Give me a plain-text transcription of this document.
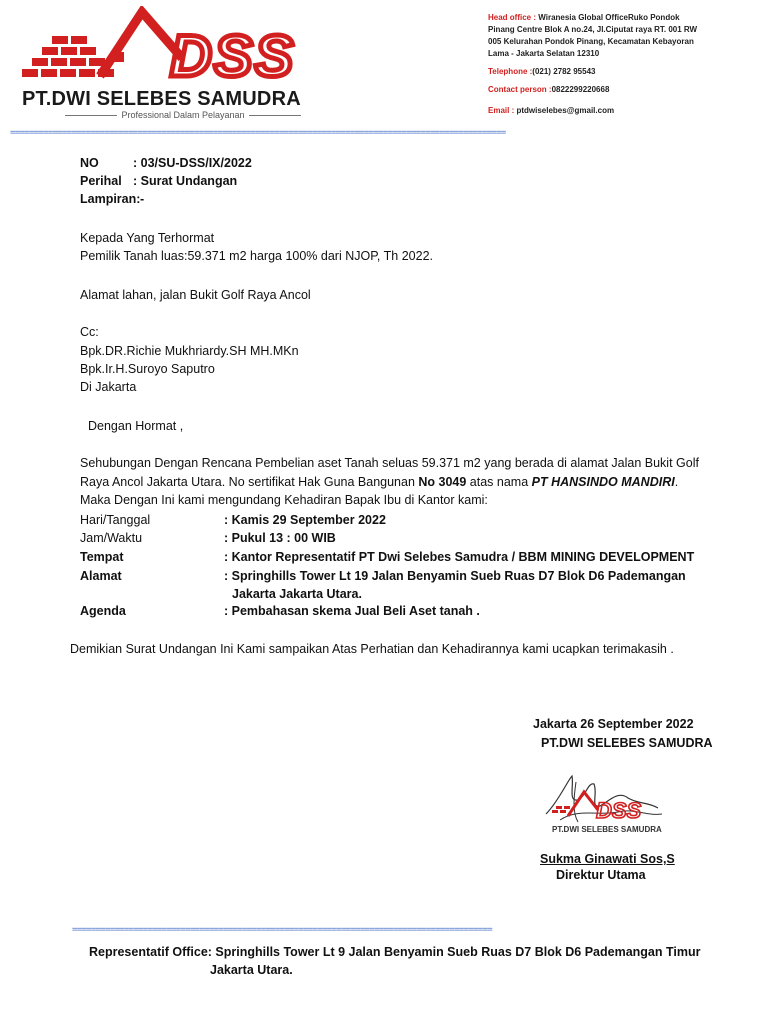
DSS
PT.DWI SELEBES SAMUDRA
Professional Dalam Pelayanan
Head office : Wiranesia Global OfficeRuko Pondok
Pinang Centre Blok A no.24, Jl.Ciputat raya RT. 001 RW
005 Kelurahan Pondok Pinang, Kecamatan Kebayoran
Lama - Jakarta Selatan 12310
Telephone :(021) 2782 95543
Contact person :0822299220668
Email : ptdwiselebes@gmail.com
=========================================================================================================
NO	: 03/SU-DSS/IX/2022
Perihal : Surat Undangan
Lampiran: -
Kepada Yang Terhormat
Pemilik Tanah luas:59.371 m2 harga 100% dari NJOP, Th 2022.
Alamat lahan, jalan Bukit Golf Raya Ancol
Cc:
Bpk.DR.Richie Mukhriardy.SH MH.MKn
Bpk.Ir.H.Suroyo Saputro
Di Jakarta
Dengan Hormat ,
Sehubungan Dengan Rencana Pembelian aset Tanah seluas 59.371 m2 yang berada di alamat Jalan Bukit Golf
Raya Ancol Jakarta Utara. No sertifikat Hak Guna Bangunan No 3049 atas nama PT HANSINDO MANDIRI.
Maka Dengan Ini kami mengundang Kehadiran Bapak Ibu di Kantor kami:
Hari/Tanggal	: Kamis 29 September 2022
Jam/Waktu	: Pukul 13 : 00 WIB
Tempat	: Kantor Representatif PT Dwi Selebes Samudra / BBM MINING DEVELOPMENT
Alamat	: Springhills Tower Lt 19 Jalan Benyamin Sueb Ruas D7 Blok D6 Pademangan
Jakarta Jakarta Utara.
Agenda	: Pembahasan skema Jual Beli Aset tanah .
Demikian Surat Undangan Ini Kami sampaikan Atas Perhatian dan Kehadirannya kami ucapkan terimakasih .
Jakarta 26 September 2022
PT.DWI SELEBES SAMUDRA
DSS
PT.DWI SELEBES SAMUDRA
Sukma Ginawati Sos,S
Direktur Utama
=========================================================================================
Representatif Office: Springhills Tower Lt 9 Jalan Benyamin Sueb Ruas D7 Blok D6 Pademangan Timur
Jakarta Utara.
